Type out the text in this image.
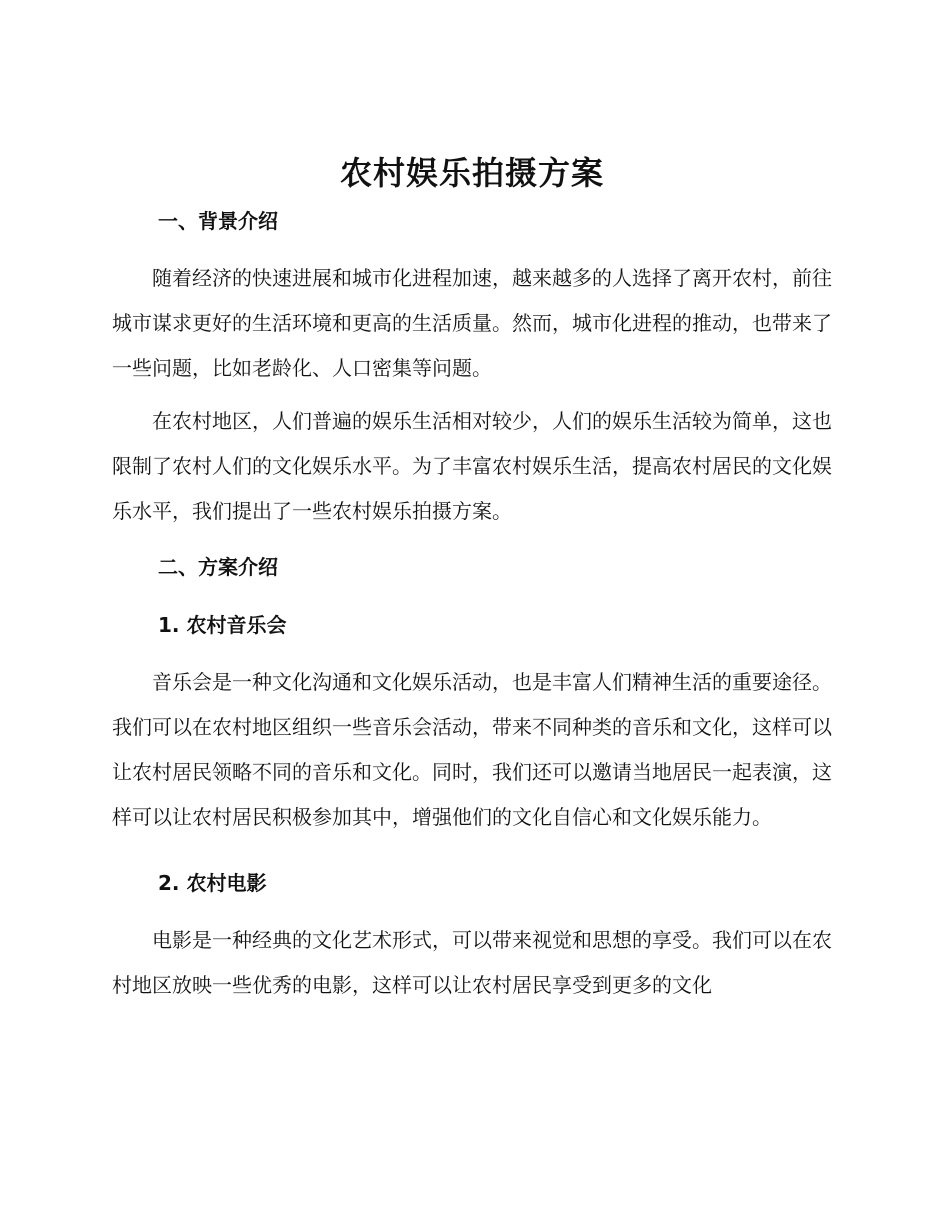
农村娱乐拍摄方案
一、背景介绍

随着经济的快速进展和城市化进程加速，越来越多的人选择了离开农村，前往城市谋求更好的生活环境和更高的生活质量。然而，城市化进程的推动，也带来了一些问题，比如老龄化、人口密集等问题。

在农村地区，人们普遍的娱乐生活相对较少，人们的娱乐生活较为简单，这也限制了农村人们的文化娱乐水平。为了丰富农村娱乐生活，提高农村居民的文化娱乐水平，我们提出了一些农村娱乐拍摄方案。

二、方案介绍
1. 农村音乐会

音乐会是一种文化沟通和文化娱乐活动，也是丰富人们精神生活的重要途径。我们可以在农村地区组织一些音乐会活动，带来不同种类的音乐和文化，这样可以让农村居民领略不同的音乐和文化。同时，我们还可以邀请当地居民一起表演，这样可以让农村居民积极参加其中，增强他们的文化自信心和文化娱乐能力。

2. 农村电影

电影是一种经典的文化艺术形式，可以带来视觉和思想的享受。我们可以在农村地区放映一些优秀的电影，这样可以让农村居民享受到更多的文化
